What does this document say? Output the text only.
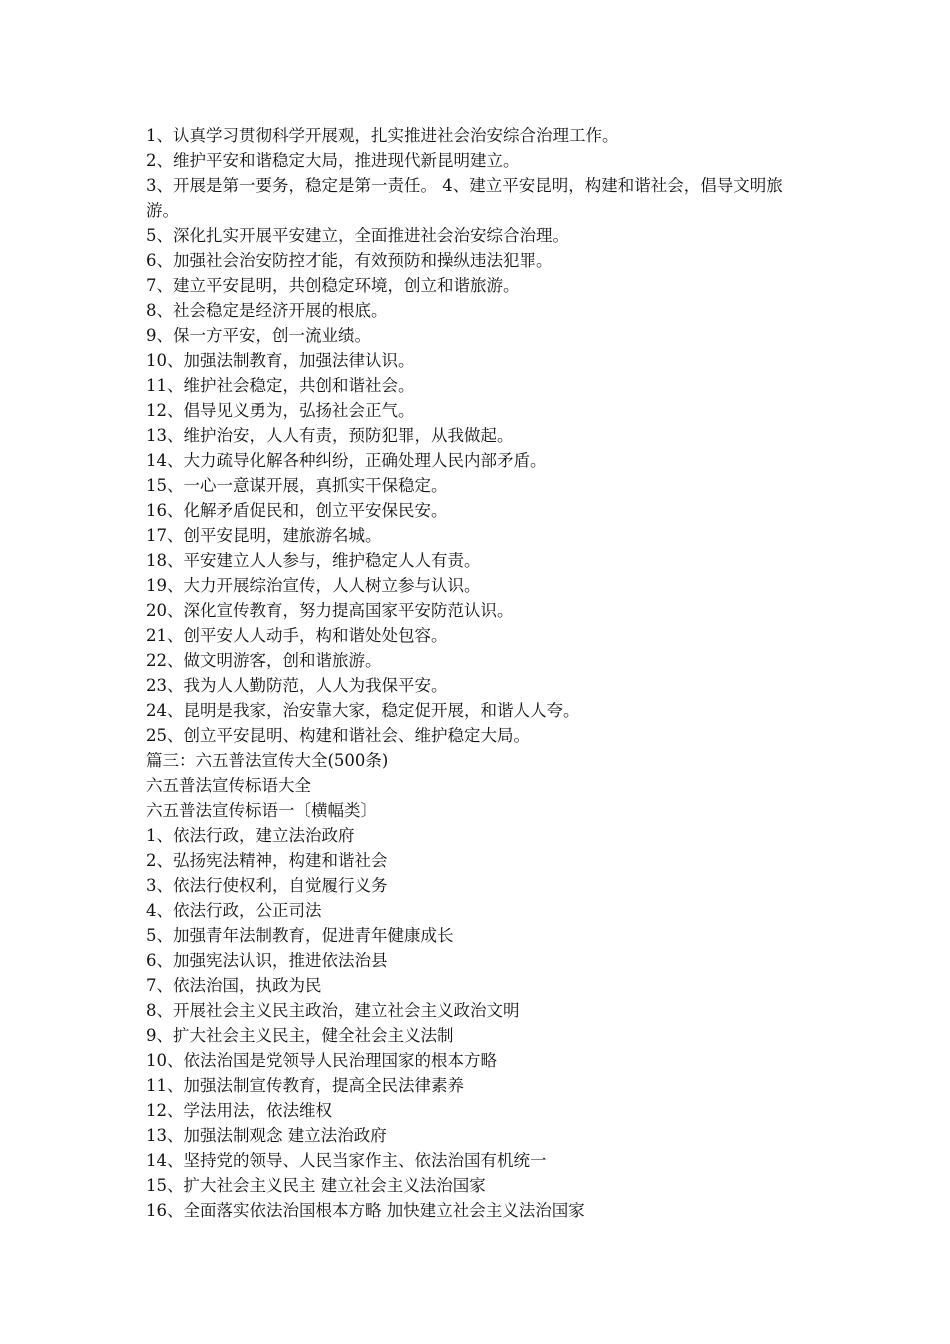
1、认真学习贯彻科学开展观，扎实推进社会治安综合治理工作。

2、维护平安和谐稳定大局，推进现代新昆明建立。

3、开展是第一要务，稳定是第一责任。 4、建立平安昆明，构建和谐社会，倡导文明旅游。

5、深化扎实开展平安建立，全面推进社会治安综合治理。

6、加强社会治安防控才能，有效预防和操纵违法犯罪。

7、建立平安昆明，共创稳定环境，创立和谐旅游。

8、社会稳定是经济开展的根底。

9、保一方平安，创一流业绩。

10、加强法制教育，加强法律认识。

11、维护社会稳定，共创和谐社会。

12、倡导见义勇为，弘扬社会正气。

13、维护治安，人人有责，预防犯罪，从我做起。

14、大力疏导化解各种纠纷，正确处理人民内部矛盾。

15、一心一意谋开展，真抓实干保稳定。

16、化解矛盾促民和，创立平安保民安。

17、创平安昆明，建旅游名城。

18、平安建立人人参与，维护稳定人人有责。

19、大力开展综治宣传，人人树立参与认识。

20、深化宣传教育，努力提高国家平安防范认识。

21、创平安人人动手，构和谐处处包容。

22、做文明游客，创和谐旅游。

23、我为人人勤防范，人人为我保平安。

24、昆明是我家，治安靠大家，稳定促开展，和谐人人夸。

25、创立平安昆明、构建和谐社会、维护稳定大局。

篇三：六五普法宣传大全(500条)

六五普法宣传标语大全

六五普法宣传标语一〔横幅类〕

1、依法行政，建立法治政府

2、弘扬宪法精神，构建和谐社会

3、依法行使权利，自觉履行义务

4、依法行政，公正司法

5、加强青年法制教育，促进青年健康成长

6、加强宪法认识，推进依法治县

7、依法治国，执政为民

8、开展社会主义民主政治，建立社会主义政治文明

9、扩大社会主义民主，健全社会主义法制

10、依法治国是党领导人民治理国家的根本方略

11、加强法制宣传教育，提高全民法律素养

12、学法用法，依法维权

13、加强法制观念 建立法治政府

14、坚持党的领导、人民当家作主、依法治国有机统一

15、扩大社会主义民主 建立社会主义法治国家

16、全面落实依法治国根本方略 加快建立社会主义法治国家
